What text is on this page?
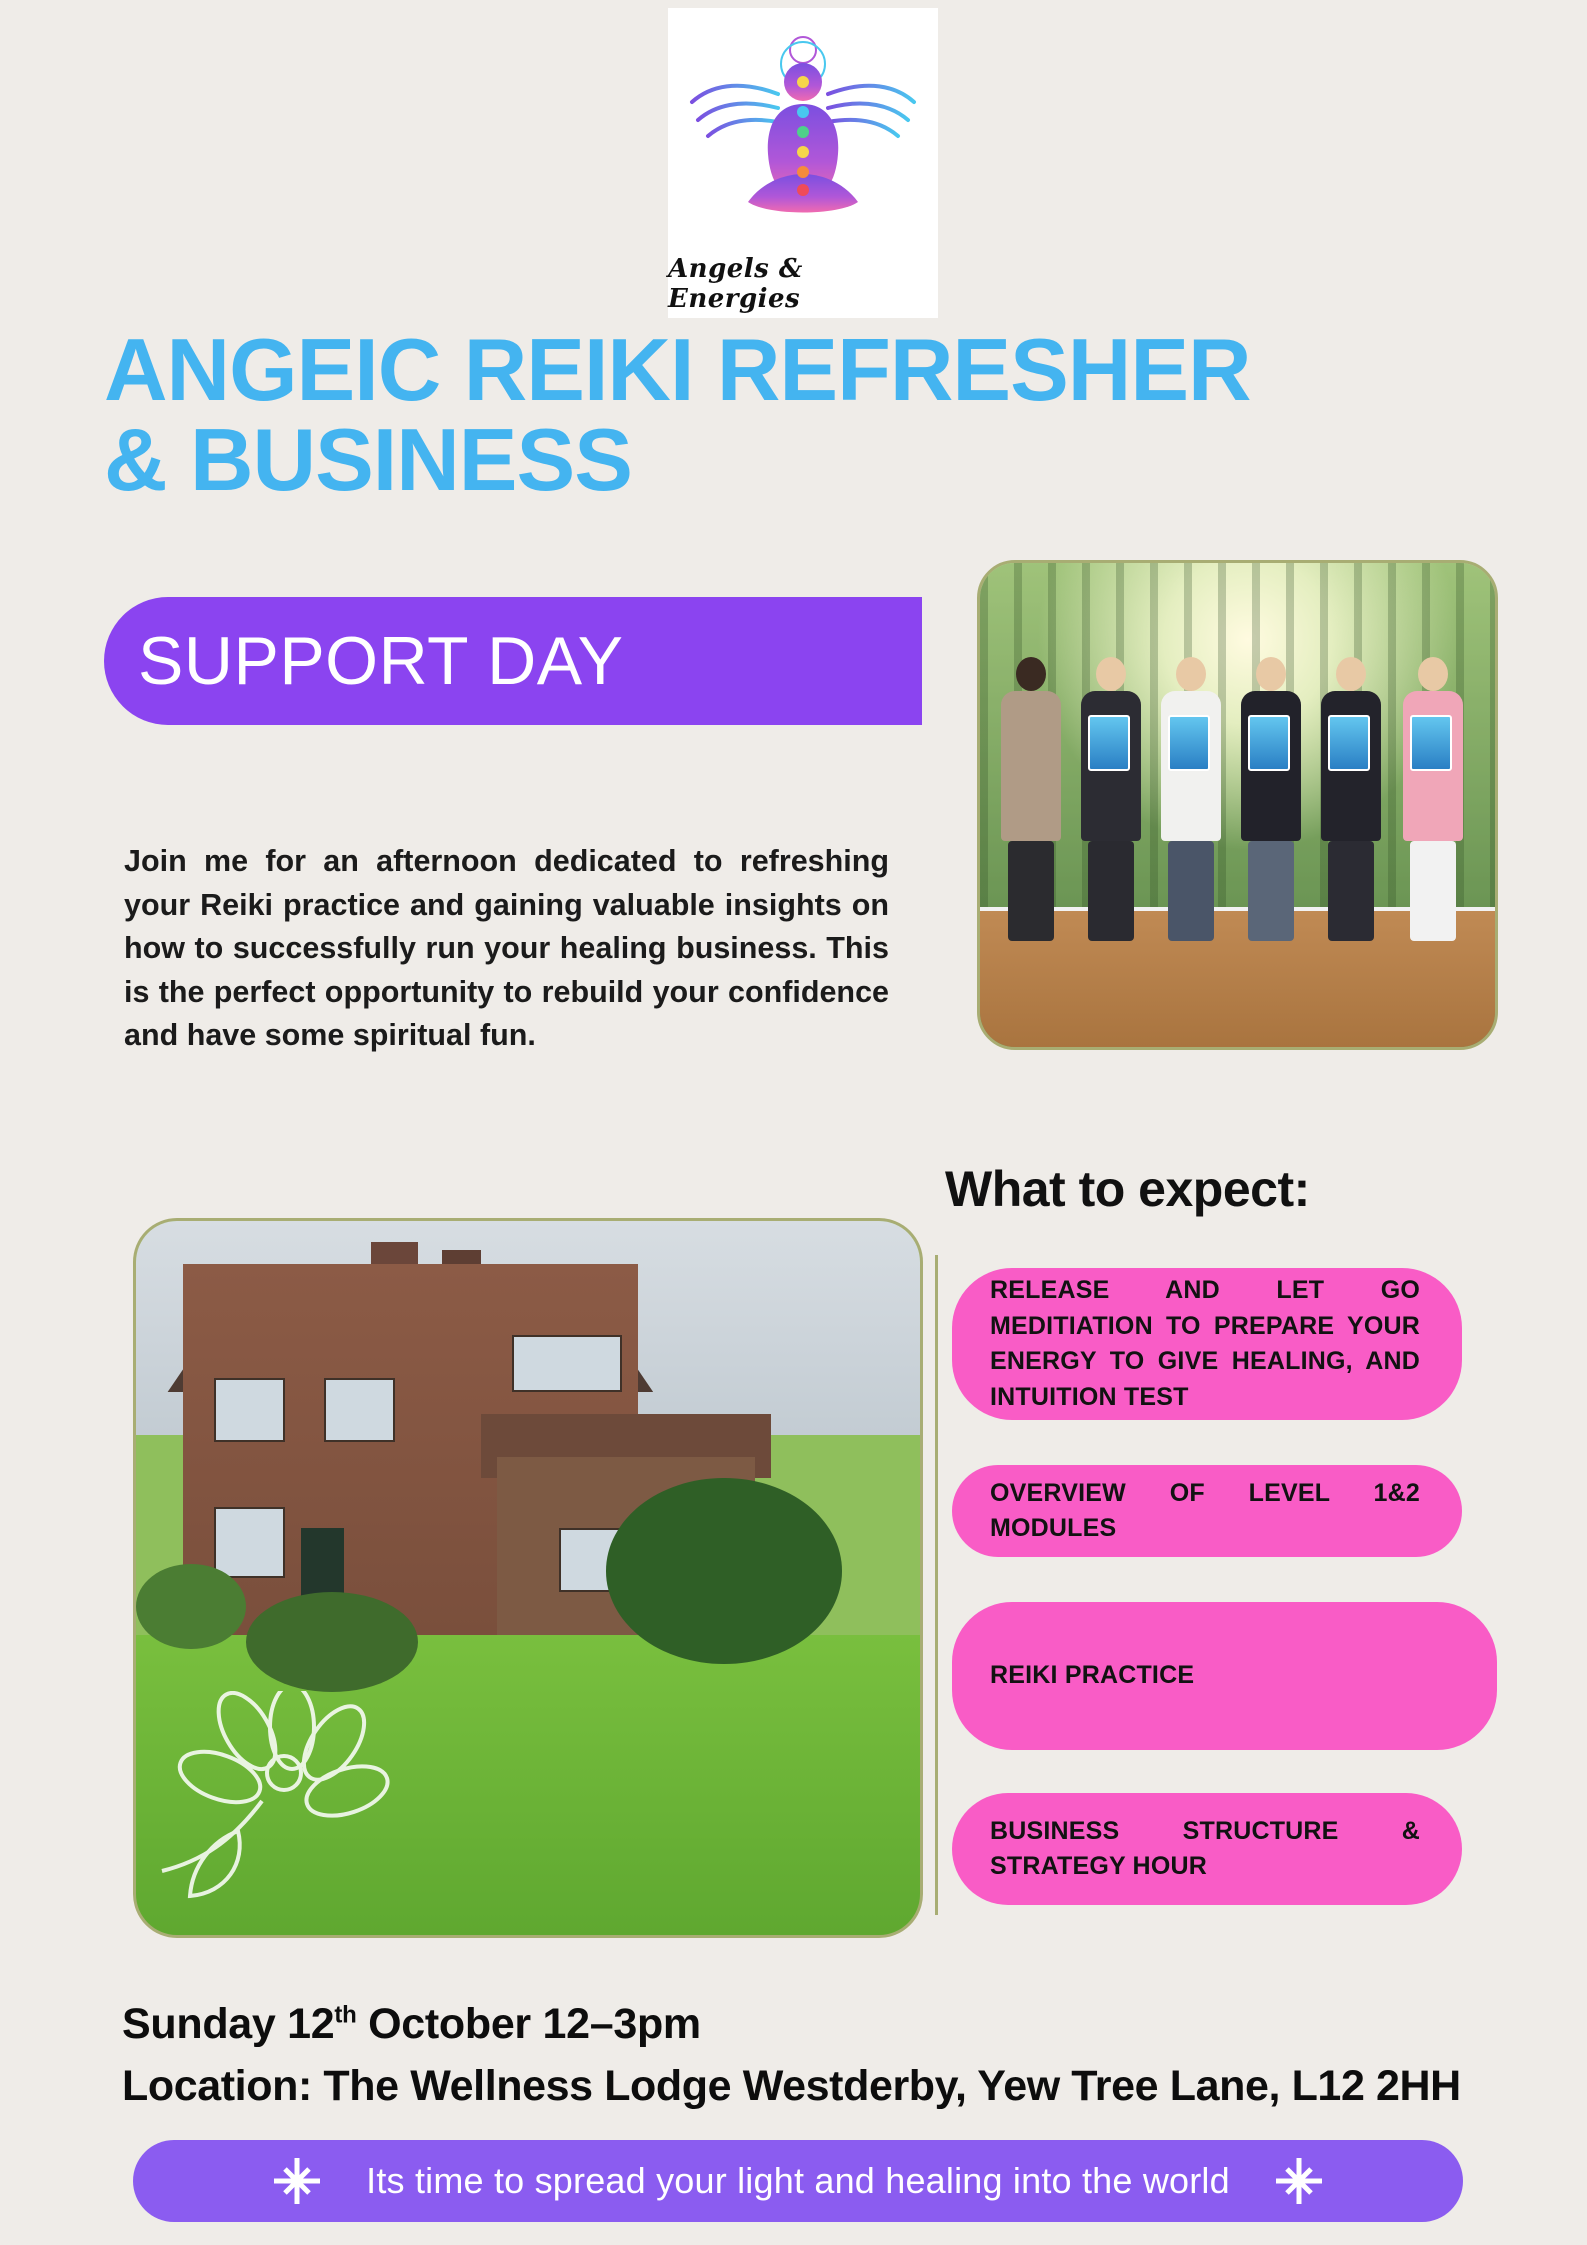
Angels & Energies
ANGEIC REIKI REFRESHER
& BUSINESS
SUPPORT DAY
Join me for an afternoon dedicated to refreshing your Reiki practice and gaining valuable insights on how to successfully run your healing business. This is the perfect opportunity to rebuild your confidence and have some spiritual fun.
What to expect:
RELEASE AND LET GO MEDITIATION TO PREPARE YOUR ENERGY TO GIVE HEALING, AND INTUITION TEST
OVERVIEW OF LEVEL 1&2 MODULES
REIKI PRACTICE
BUSINESS STRUCTURE & STRATEGY HOUR
Sunday 12th October 12–3pm
Location: The Wellness Lodge Westderby, Yew Tree Lane, L12 2HH
Its time to spread your light and healing into the world
